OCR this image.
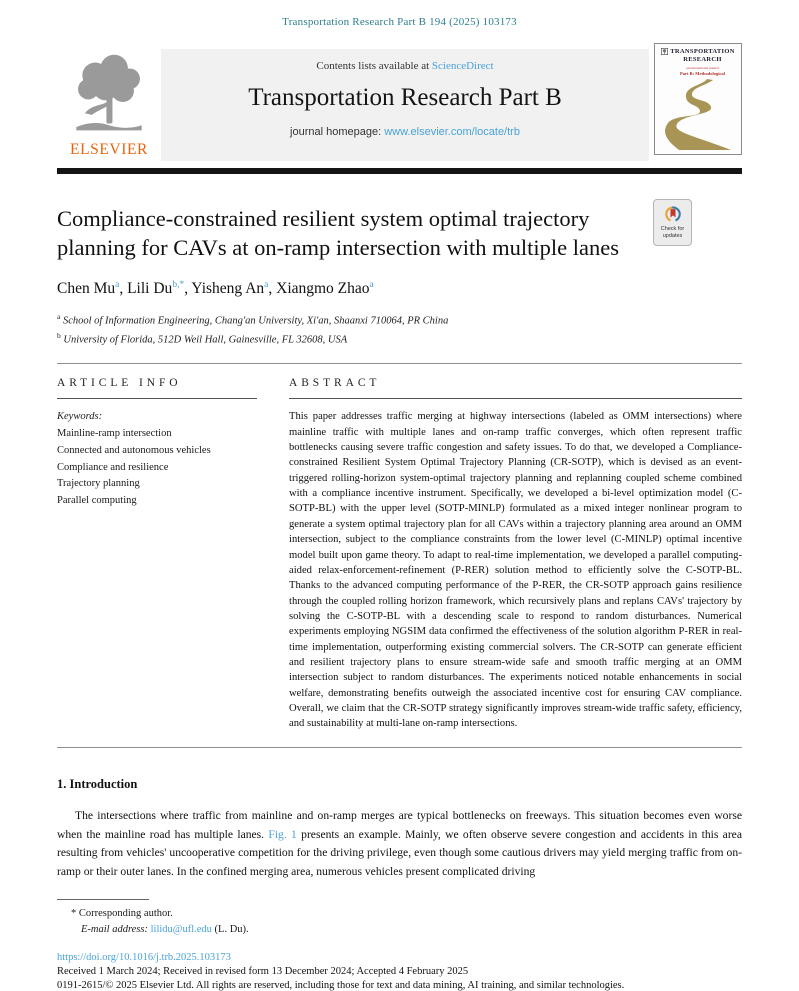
Transportation Research Part B 194 (2025) 103173
ELSEVIER
Contents lists available at ScienceDirect
Transportation Research Part B
journal homepage: www.elsevier.com/locate/trb
TRANSPORTATION
RESEARCH
an international journal
Part B: Methodological
Compliance-constrained resilient system optimal trajectory planning for CAVs at on-ramp intersection with multiple lanes
Check for updates
Chen Mu$^a$, Lili $Du^{b,*}$, Yisheng An$^a$, Xiangmo Zhao$^a$
$^a$ School of Information Engineering, Chang'an University, Xi'an, Shaanxi 710064, PR China
$^b$ University of Florida, 512D Weil Hall, Gainesville, FL 32608, USA
ARTICLE INFO
Keywords:
Mainline-ramp intersection
Connected and autonomous vehicles
Compliance and resilience
Trajectory planning
Parallel computing
ABSTRACT
This paper addresses traffic merging at highway intersections (labeled as OMM intersections) where mainline traffic with multiple lanes and on-ramp traffic converges, which often represent traffic bottlenecks causing severe traffic congestion and safety issues. To do that, we developed a Compliance-constrained Resilient System Optimal Trajectory Planning (CR-SOTP), which is devised as an event-triggered rolling-horizon system-optimal trajectory planning and replanning coupled scheme combined with a compliance incentive instrument. Specifically, we developed a bi-level optimization model (C-SOTP-BL) with the upper level (SOTP-MINLP) formulated as a mixed integer nonlinear program to generate a system optimal trajectory plan for all CAVs within a trajectory planning area around an OMM intersection, subject to the compliance constraints from the lower level (C-MINLP) optimal incentive model built upon game theory. To adapt to real-time implementation, we developed a parallel computing-aided relax-enforcement-refinement (P-RER) solution method to efficiently solve the C-SOTP-BL. Thanks to the advanced computing performance of the P-RER, the CR-SOTP approach gains resilience through the coupled rolling horizon framework, which recursively plans and replans CAVs' trajectory by solving the C-SOTP-BL with a descending scale to respond to random disturbances. Numerical experiments employing NGSIM data confirmed the effectiveness of the solution algorithm P-RER in real-time implementation, outperforming existing commercial solvers. The CR-SOTP can generate efficient and resilient trajectory plans to ensure stream-wide safe and smooth traffic merging at an OMM intersection subject to random disturbances. The experiments noticed notable enhancements in social welfare, demonstrating benefits outweigh the associated incentive cost for ensuring CAV compliance. Overall, we claim that the CR-SOTP strategy significantly improves stream-wide traffic safety, efficiency, and sustainability at multi-lane on-ramp intersections.
1. Introduction
The intersections where traffic from mainline and on-ramp merges are typical bottlenecks on freeways. This situation becomes even worse when the mainline road has multiple lanes. Fig. 1 presents an example. Mainly, we often observe severe congestion and accidents in this area resulting from vehicles' uncooperative competition for the driving privilege, even though some cautious drivers may yield merging traffic from on-ramp or their outer lanes. In the confined merging area, numerous vehicles present complicated driving
* Corresponding author.
E-mail address: lilidu@ufl.edu (L. Du).
https://doi.org/10.1016/j.trb.2025.103173
Received 1 March 2024; Received in revised form 13 December 2024; Accepted 4 February 2025
0191-2615/© 2025 Elsevier Ltd. All rights are reserved, including those for text and data mining, AI training, and similar technologies.
